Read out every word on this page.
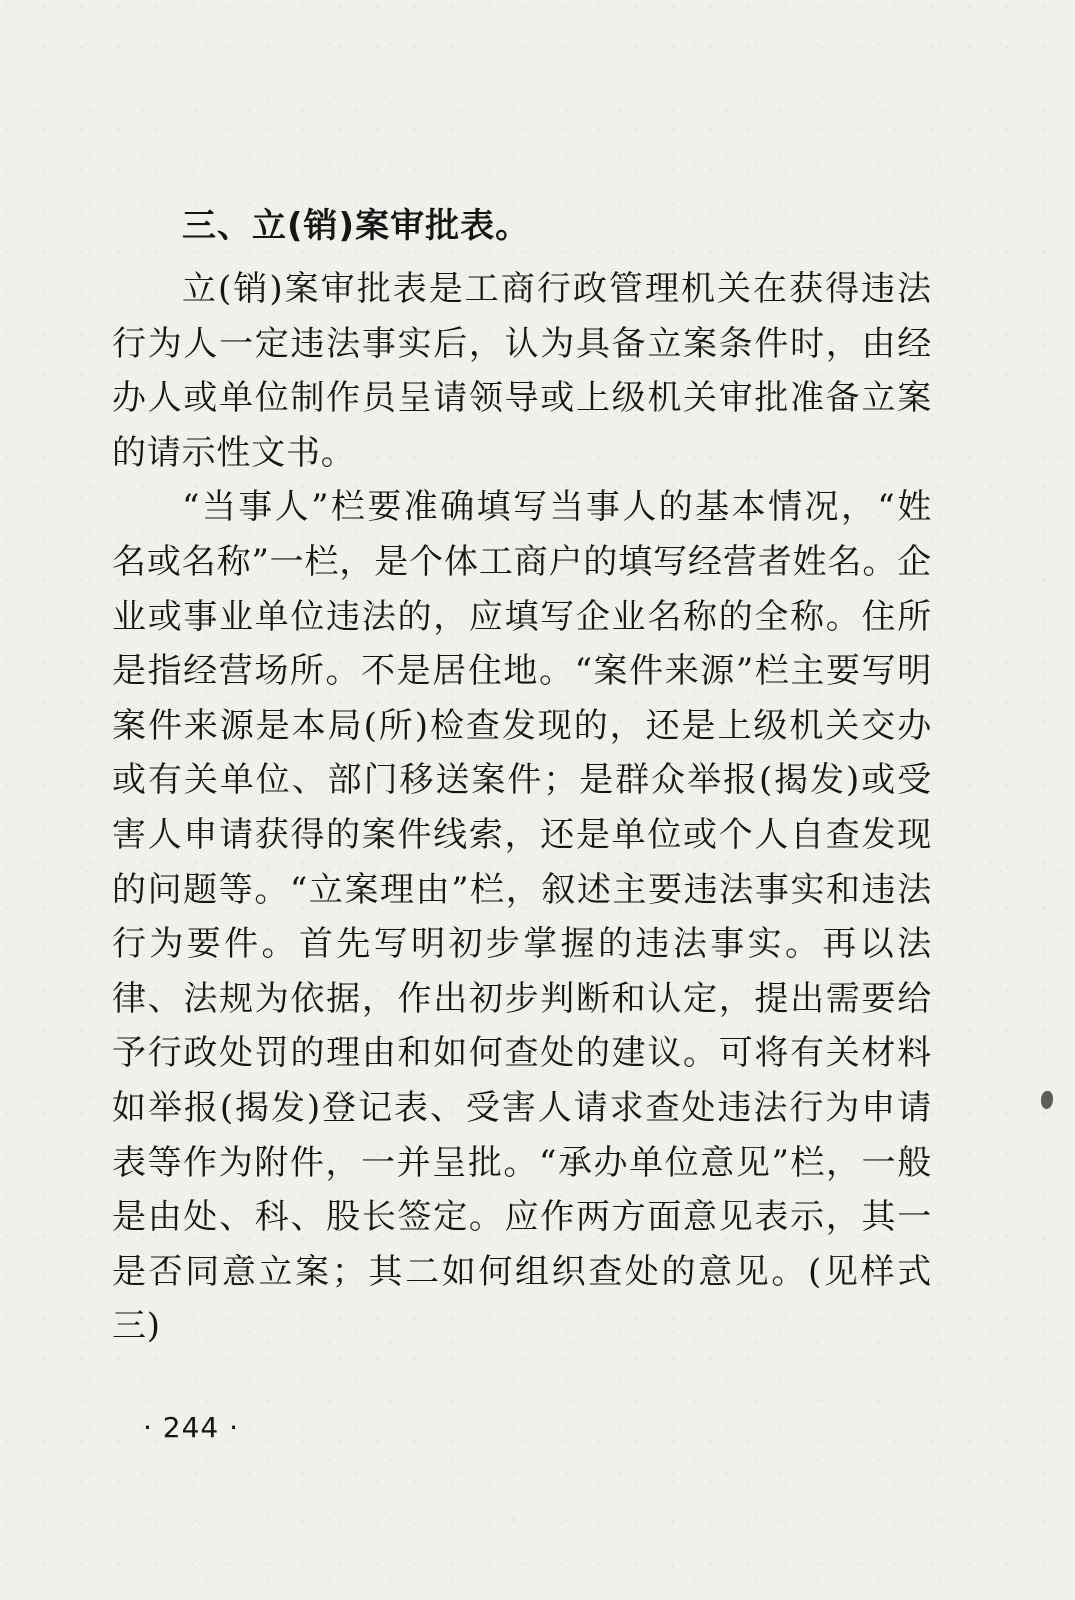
三、立(销)案审批表。

立(销)案审批表是工商行政管理机关在获得违法行为人一定违法事实后，认为具备立案条件时，由经办人或单位制作员呈请领导或上级机关审批准备立案的请示性文书。

“当事人”栏要准确填写当事人的基本情况，“姓名或名称”一栏，是个体工商户的填写经营者姓名。企业或事业单位违法的，应填写企业名称的全称。住所是指经营场所。不是居住地。“案件来源”栏主要写明案件来源是本局(所)检查发现的，还是上级机关交办或有关单位、部门移送案件；是群众举报(揭发)或受害人申请获得的案件线索，还是单位或个人自查发现的问题等。“立案理由”栏，叙述主要违法事实和违法行为要件。首先写明初步掌握的违法事实。再以法律、法规为依据，作出初步判断和认定，提出需要给予行政处罚的理由和如何查处的建议。可将有关材料如举报(揭发)登记表、受害人请求查处违法行为申请表等作为附件，一并呈批。“承办单位意见”栏，一般是由处、科、股长签定。应作两方面意见表示，其一是否同意立案；其二如何组织查处的意见。(见样式三)

· 244 ·
